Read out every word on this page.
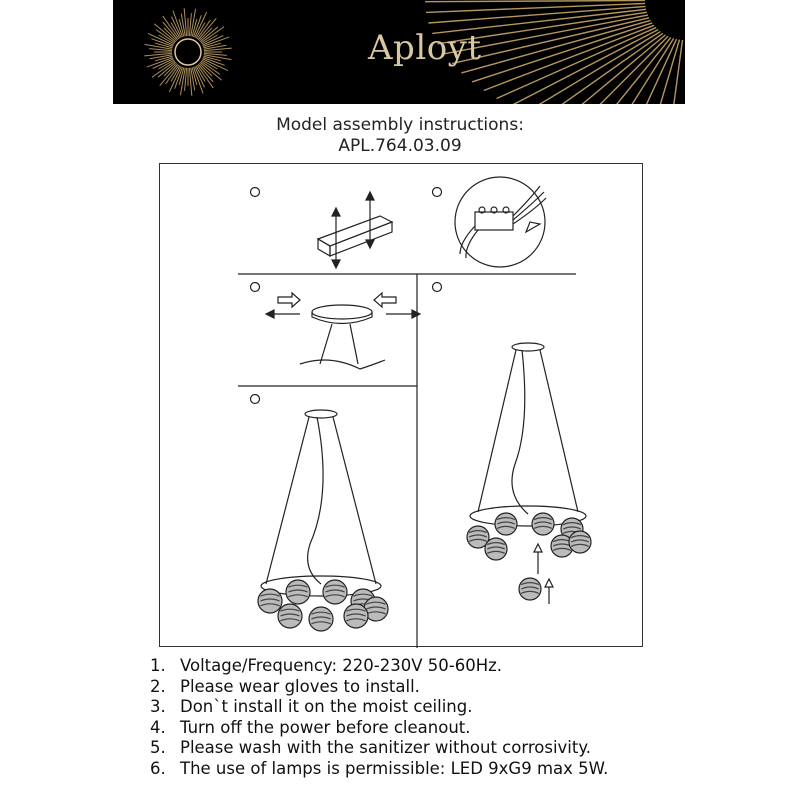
Aployt
Model assembly instructions:
APL.764.03.09
1. Voltage/Frequency: 220-230V 50-60Hz.
2. Please wear gloves to install.
3. Don`t install it on the moist ceiling.
4. Turn off the power before cleanout.
5. Please wash with the sanitizer without corrosivity.
6. The use of lamps is permissible: LED 9xG9 max 5W.
